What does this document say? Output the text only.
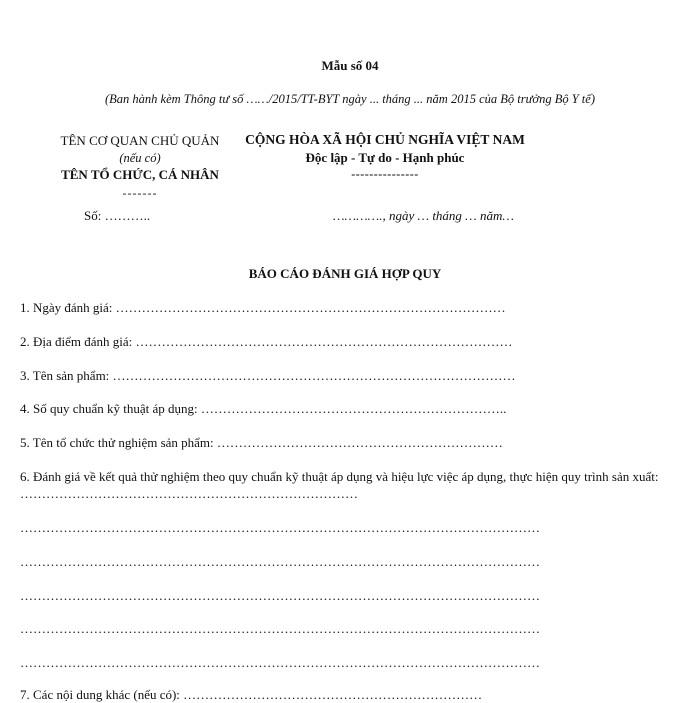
Mẫu số 04
(Ban hành kèm Thông tư số ……/2015/TT-BYT ngày ... tháng ... năm 2015 của Bộ trưởng Bộ Y tế)
TÊN CƠ QUAN CHỦ QUẢN
(nếu có)
TÊN TỔ CHỨC, CÁ NHÂN
-------
CỘNG HÒA XÃ HỘI CHỦ NGHĨA VIỆT NAM
Độc lập - Tự do - Hạnh phúc
---------------
Số: ………..	…………., ngày … tháng … năm…
BÁO CÁO ĐÁNH GIÁ HỢP QUY
1. Ngày đánh giá: ………………………………………………………………………………
2. Địa điểm đánh giá: ……………………………………………………………………………
3. Tên sản phẩm: …………………………………………………………………………………
4. Số quy chuẩn kỹ thuật áp dụng: ……………………………………………………………..
5. Tên tổ chức thử nghiệm sản phẩm: …………………………………………………………
6. Đánh giá về kết quả thử nghiệm theo quy chuẩn kỹ thuật áp dụng và hiệu lực việc áp dụng, thực hiện quy trình sản xuất: ……………………………………………………………………
…………………………………………………………………………………………………………
…………………………………………………………………………………………………………
…………………………………………………………………………………………………………
…………………………………………………………………………………………………………
…………………………………………………………………………………………………………
7. Các nội dung khác (nếu có): ……………………………………………………………
